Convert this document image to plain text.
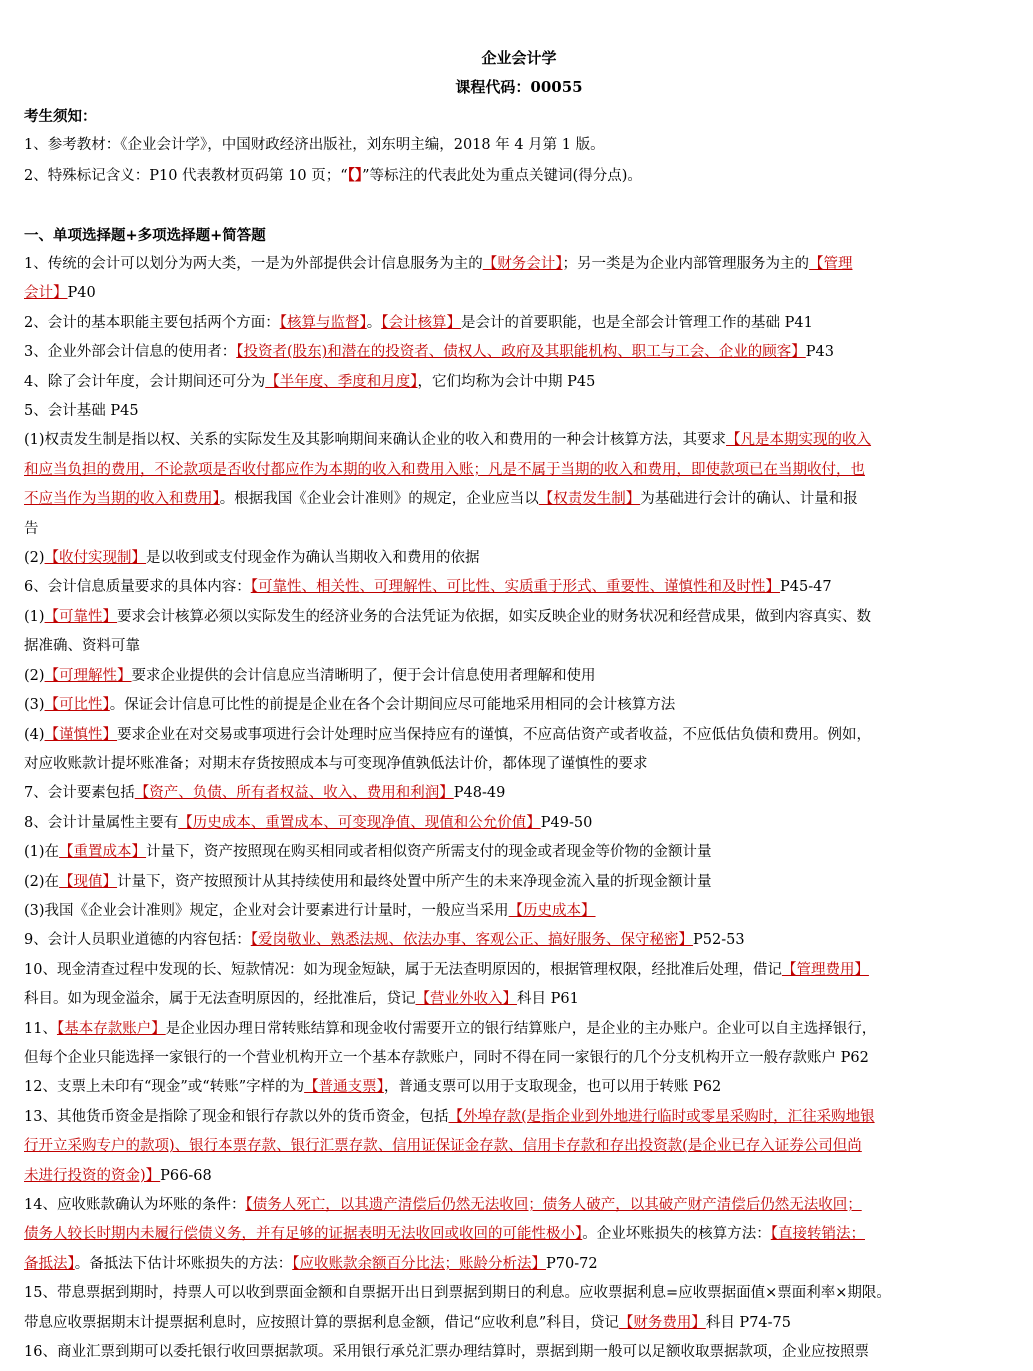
企业会计学
课程代码：00055
考生须知：
1、参考教材：《企业会计学》，中国财政经济出版社，刘东明主编，2018 年 4 月第 1 版。
2、特殊标记含义：P10 代表教材页码第 10 页；“【】”等标注的代表此处为重点关键词(得分点)。
一、单项选择题+多项选择题+简答题
1、传统的会计可以划分为两大类，一是为外部提供会计信息服务为主的【财务会计】；另一类是为企业内部管理服务为主的【管理
会计】P40
2、会计的基本职能主要包括两个方面：【核算与监督】。【会计核算】是会计的首要职能，也是全部会计管理工作的基础 P41
3、企业外部会计信息的使用者：【投资者(股东)和潜在的投资者、债权人、政府及其职能机构、职工与工会、企业的顾客】P43
4、除了会计年度，会计期间还可分为【半年度、季度和月度】，它们均称为会计中期 P45
5、会计基础 P45
(1)权责发生制是指以权、关系的实际发生及其影响期间来确认企业的收入和费用的一种会计核算方法，其要求【凡是本期实现的收入
和应当负担的费用，不论款项是否收付都应作为本期的收入和费用入账；凡是不属于当期的收入和费用，即使款项已在当期收付，也
不应当作为当期的收入和费用】。根据我国《企业会计准则》的规定，企业应当以【权责发生制】为基础进行会计的确认、计量和报
告
(2)【收付实现制】是以收到或支付现金作为确认当期收入和费用的依据
6、会计信息质量要求的具体内容：【可靠性、相关性、可理解性、可比性、实质重于形式、重要性、谨慎性和及时性】P45-47
(1)【可靠性】要求会计核算必须以实际发生的经济业务的合法凭证为依据，如实反映企业的财务状况和经营成果，做到内容真实、数
据准确、资料可靠
(2)【可理解性】要求企业提供的会计信息应当清晰明了，便于会计信息使用者理解和使用
(3)【可比性】。保证会计信息可比性的前提是企业在各个会计期间应尽可能地采用相同的会计核算方法
(4)【谨慎性】要求企业在对交易或事项进行会计处理时应当保持应有的谨慎，不应高估资产或者收益，不应低估负债和费用。例如，
对应收账款计提坏账准备；对期末存货按照成本与可变现净值孰低法计价，都体现了谨慎性的要求
7、会计要素包括【资产、负债、所有者权益、收入、费用和利润】P48-49
8、会计计量属性主要有【历史成本、重置成本、可变现净值、现值和公允价值】P49-50
(1)在【重置成本】计量下，资产按照现在购买相同或者相似资产所需支付的现金或者现金等价物的金额计量
(2)在【现值】计量下，资产按照预计从其持续使用和最终处置中所产生的未来净现金流入量的折现金额计量
(3)我国《企业会计准则》规定，企业对会计要素进行计量时，一般应当采用【历史成本】
9、会计人员职业道德的内容包括：【爱岗敬业、熟悉法规、依法办事、客观公正、搞好服务、保守秘密】P52-53
10、现金清查过程中发现的长、短款情况：如为现金短缺，属于无法查明原因的，根据管理权限，经批准后处理，借记【管理费用】
科目。如为现金溢余，属于无法查明原因的，经批准后，贷记【营业外收入】科目 P61
11、【基本存款账户】是企业因办理日常转账结算和现金收付需要开立的银行结算账户，是企业的主办账户。企业可以自主选择银行，
但每个企业只能选择一家银行的一个营业机构开立一个基本存款账户，同时不得在同一家银行的几个分支机构开立一般存款账户 P62
12、支票上未印有“现金”或“转账”字样的为【普通支票】，普通支票可以用于支取现金，也可以用于转账 P62
13、其他货币资金是指除了现金和银行存款以外的货币资金，包括【外埠存款(是指企业到外地进行临时或零星采购时，汇往采购地银
行开立采购专户的款项)、银行本票存款、银行汇票存款、信用证保证金存款、信用卡存款和存出投资款(是企业已存入证券公司但尚
未进行投资的资金)】P66-68
14、应收账款确认为坏账的条件：【债务人死亡，以其遗产清偿后仍然无法收回；债务人破产，以其破产财产清偿后仍然无法收回；
债务人较长时期内未履行偿债义务，并有足够的证据表明无法收回或收回的可能性极小】。企业坏账损失的核算方法：【直接转销法；
备抵法】。备抵法下估计坏账损失的方法：【应收账款余额百分比法；账龄分析法】P70-72
15、带息票据到期时，持票人可以收到票面金额和自票据开出日到票据到期日的利息。应收票据利息=应收票据面值×票面利率×期限。
带息应收票据期末计提票据利息时，应按照计算的票据利息金额，借记“应收利息”科目，贷记【财务费用】科目 P74-75
16、商业汇票到期可以委托银行收回票据款项。采用银行承兑汇票办理结算时，票据到期一般可以足额收取票据款项，企业应按照票
